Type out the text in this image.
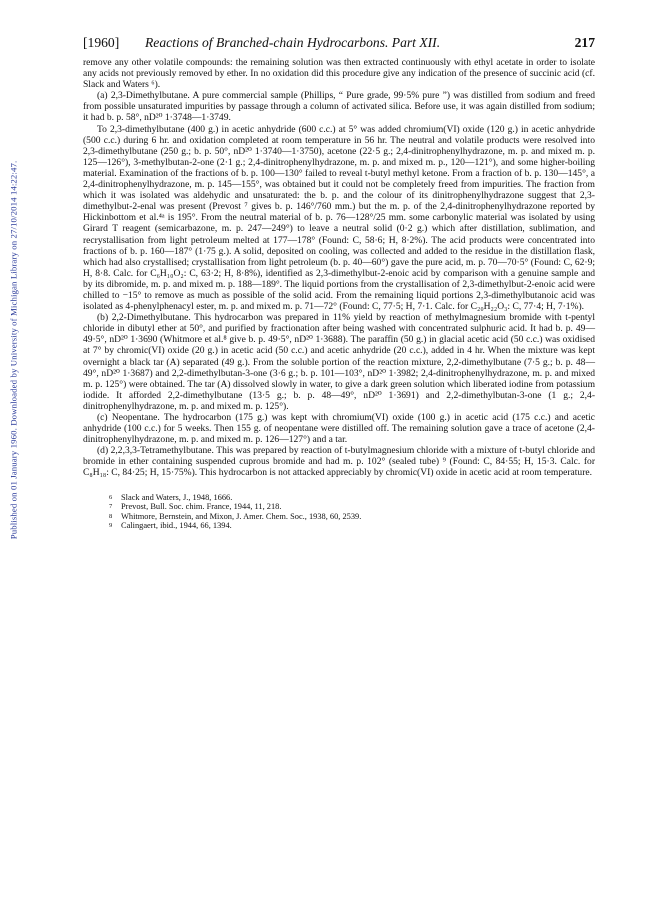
Published on 01 January 1960. Downloaded by University of Michigan Library on 27/10/2014 14:22:47.
[1960]	Reactions of Branched-chain Hydrocarbons. Part XII.	217

remove any other volatile compounds: the remaining solution was then extracted continuously with ethyl acetate in order to isolate any acids not previously removed by ether. In no oxidation did this procedure give any indication of the presence of succinic acid (cf. Slack and Waters ⁶).

(a) 2,3-Dimethylbutane. A pure commercial sample (Phillips, “ Pure grade, 99·5% pure ”) was distilled from sodium and freed from possible unsaturated impurities by passage through a column of activated silica. Before use, it was again distilled from sodium; it had b. p. 58°, nD²⁰ 1·3748—1·3749.

To 2,3-dimethylbutane (400 g.) in acetic anhydride (600 c.c.) at 5° was added chromium(VI) oxide (120 g.) in acetic anhydride (500 c.c.) during 6 hr. and oxidation completed at room temperature in 56 hr. The neutral and volatile products were resolved into 2,3-dimethylbutane (250 g.; b. p. 50°, nD²⁰ 1·3740—1·3750), acetone (22·5 g.; 2,4-dinitrophenylhydrazone, m. p. and mixed m. p. 125—126°), 3-methylbutan-2-one (2·1 g.; 2,4-dinitrophenylhydrazone, m. p. and mixed m. p., 120—121°), and some higher-boiling material. Examination of the fractions of b. p. 100—130° failed to reveal t-butyl methyl ketone. From a fraction of b. p. 130—145°, a 2,4-dinitrophenylhydrazone, m. p. 145—155°, was obtained but it could not be completely freed from impurities. The fraction from which it was isolated was aldehydic and unsaturated: the b. p. and the colour of its dinitrophenylhydrazone suggest that 2,3-dimethylbut-2-enal was present (Prevost ⁷ gives b. p. 146°/760 mm.) but the m. p. of the 2,4-dinitrophenylhydrazone reported by Hickinbottom et al.⁴ᵃ is 195°. From the neutral material of b. p. 76—128°/25 mm. some carbonylic material was isolated by using Girard T reagent (semicarbazone, m. p. 247—249°) to leave a neutral solid (0·2 g.) which after distillation, sublimation, and recrystallisation from light petroleum melted at 177—178° (Found: C, 58·6; H, 8·2%). The acid products were concentrated into fractions of b. p. 160—187° (1·75 g.). A solid, deposited on cooling, was collected and added to the residue in the distillation flask, which had also crystallised; crystallisation from light petroleum (b. p. 40—60°) gave the pure acid, m. p. 70—70·5° (Found: C, 62·9; H, 8·8. Calc. for C₆H₁₀O₂: C, 63·2; H, 8·8%), identified as 2,3-dimethylbut-2-enoic acid by comparison with a genuine sample and by its dibromide, m. p. and mixed m. p. 188—189°. The liquid portions from the crystallisation of 2,3-dimethylbut-2-enoic acid were chilled to −15° to remove as much as possible of the solid acid. From the remaining liquid portions 2,3-dimethylbutanoic acid was isolated as 4-phenylphenacyl ester, m. p. and mixed m. p. 71—72° (Found: C, 77·5; H, 7·1. Calc. for C₂₀H₂₂O₃: C, 77·4; H, 7·1%).

(b) 2,2-Dimethylbutane. This hydrocarbon was prepared in 11% yield by reaction of methylmagnesium bromide with t-pentyl chloride in dibutyl ether at 50°, and purified by fractionation after being washed with concentrated sulphuric acid. It had b. p. 49—49·5°, nD²⁰ 1·3690 (Whitmore et al.⁸ give b. p. 49·5°, nD²⁰ 1·3688). The paraffin (50 g.) in glacial acetic acid (50 c.c.) was oxidised at 7° by chromic(VI) oxide (20 g.) in acetic acid (50 c.c.) and acetic anhydride (20 c.c.), added in 4 hr. When the mixture was kept overnight a black tar (A) separated (49 g.). From the soluble portion of the reaction mixture, 2,2-dimethylbutane (7·5 g.; b. p. 48—49°, nD²⁰ 1·3687) and 2,2-dimethylbutan-3-one (3·6 g.; b. p. 101—103°, nD²⁰ 1·3982; 2,4-dinitrophenylhydrazone, m. p. and mixed m. p. 125°) were obtained. The tar (A) dissolved slowly in water, to give a dark green solution which liberated iodine from potassium iodide. It afforded 2,2-dimethylbutane (13·5 g.; b. p. 48—49°, nD²⁰ 1·3691) and 2,2-dimethylbutan-3-one (1 g.; 2,4-dinitrophenylhydrazone, m. p. and mixed m. p. 125°).

(c) Neopentane. The hydrocarbon (175 g.) was kept with chromium(VI) oxide (100 g.) in acetic acid (175 c.c.) and acetic anhydride (100 c.c.) for 5 weeks. Then 155 g. of neopentane were distilled off. The remaining solution gave a trace of acetone (2,4-dinitrophenylhydrazone, m. p. and mixed m. p. 126—127°) and a tar.

(d) 2,2,3,3-Tetramethylbutane. This was prepared by reaction of t-butylmagnesium chloride with a mixture of t-butyl chloride and bromide in ether containing suspended cuprous bromide and had m. p. 102° (sealed tube) ⁹ (Found: C, 84·55; H, 15·3. Calc. for C₈H₁₈: C, 84·25; H, 15·75%). This hydrocarbon is not attacked appreciably by chromic(VI) oxide in acetic acid at room temperature.

6	Slack and Waters, J., 1948, 1666.
7	Prevost, Bull. Soc. chim. France, 1944, 11, 218.
8	Whitmore, Bernstein, and Mixon, J. Amer. Chem. Soc., 1938, 60, 2539.
9	Calingaert, ibid., 1944, 66, 1394.
